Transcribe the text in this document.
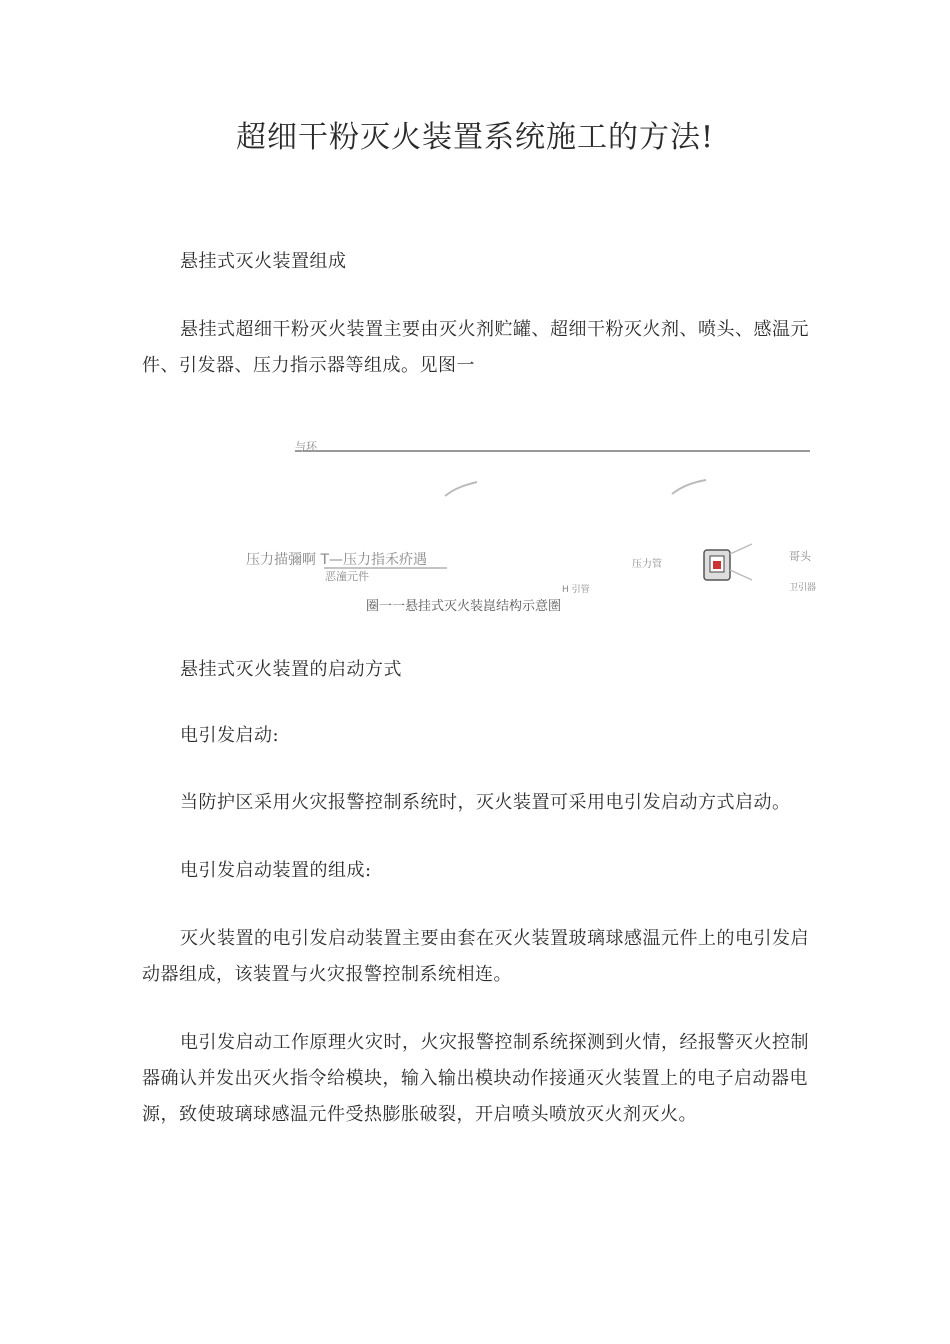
超细干粉灭火装置系统施工的方法!
悬挂式灭火装置组成
悬挂式超细干粉灭火装置主要由灭火剂贮罐、超细干粉灭火剂、喷头、感温元件、引发器、压力指示器等组成。见图一
与环
压力描彌啊 T—压力指禾疥遇
恶潼元件
压力管
哥头
H 引管	卫引器
圈一一悬挂式灭火装崑结构示意圏
悬挂式灭火装置的启动方式
电引发启动:
当防护区采用火灾报警控制系统时，灭火装置可采用电引发启动方式启动。
电引发启动装置的组成:
灭火装置的电引发启动装置主要由套在灭火装置玻璃球感温元件上的电引发启动器组成，该装置与火灾报警控制系统相连。
电引发启动工作原理火灾时，火灾报警控制系统探测到火情，经报警灭火控制器确认并发出灭火指令给模块，输入输出模块动作接通灭火装置上的电子启动器电源，致使玻璃球感温元件受热膨胀破裂，开启喷头喷放灭火剂灭火。
